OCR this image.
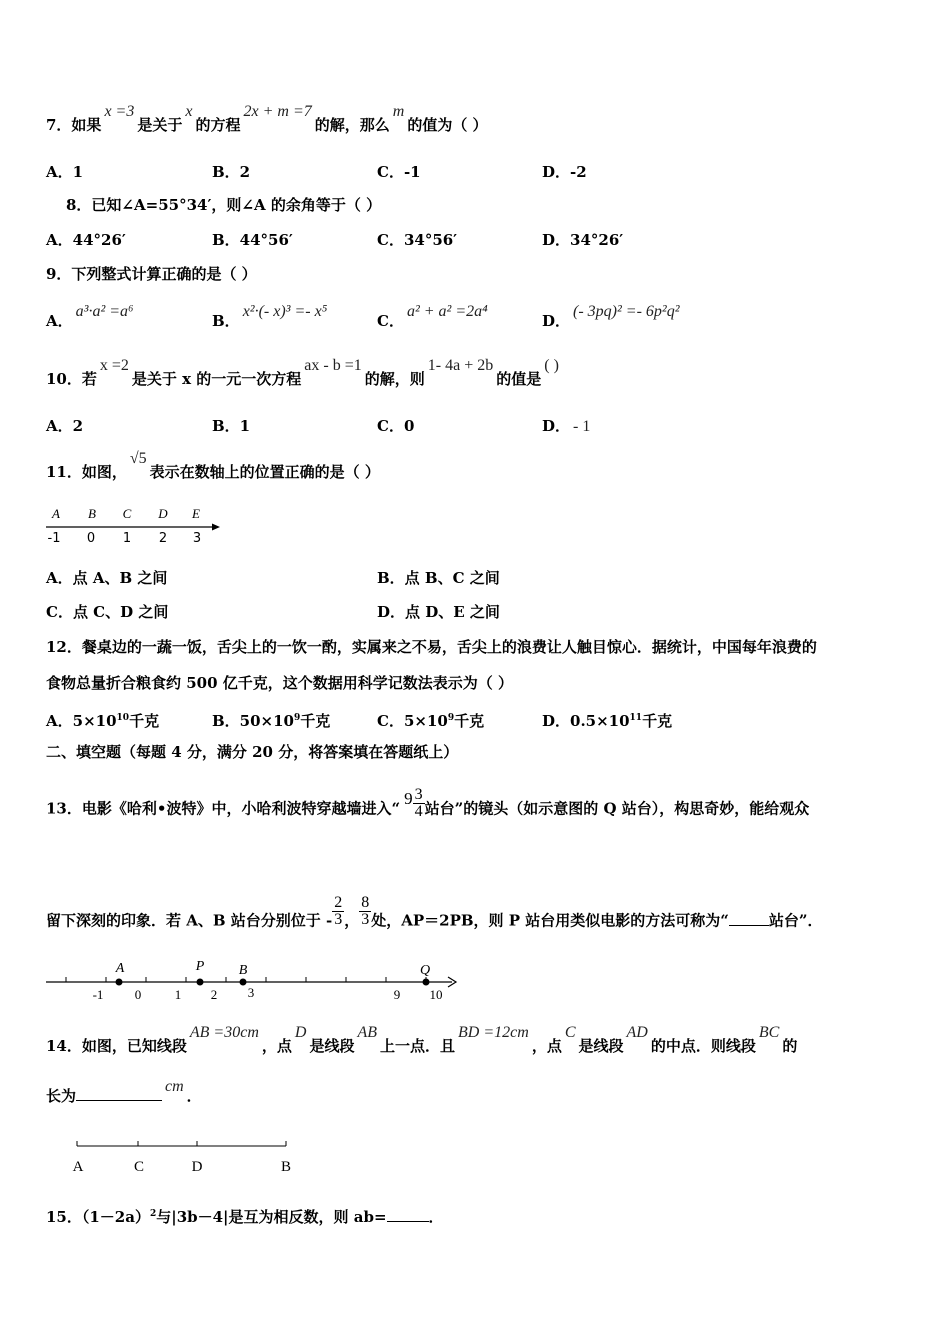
7．如果x =3是关于x的方程2x + m =7的解，那么m的值为（ ）
A．1	B．2	C．-1	D．-2
8．已知∠A=55°34′，则∠A 的余角等于（ ）
A．44°26′	B．44°56′	C．34°56′	D．34°26′
9．下列整式计算正确的是（ ）
A．a³·a² =a⁶
B．x²·(- x)³ =- x⁵
C．a² + a² =2a⁴
D．(- 3pq)² =- 6p²q²
10．若x =2是关于 x 的一元一次方程ax - b =1的解，则1- 4a + 2b的值是( )
A．2	B．1	C．0	D． - 1
11．如图，√5表示在数轴上的位置正确的是（ ）
A B C D E
-1 0 1 2 3
A．点 A、B 之间	B．点 B、C 之间
C．点 C、D 之间	D．点 D、E 之间
12．餐桌边的一蔬一饭，舌尖上的一饮一酌，实属来之不易，舌尖上的浪费让人触目惊心．据统计，中国每年浪费的
食物总量折合粮食约 500 亿千克，这个数据用科学记数法表示为（ ）
A．$5\times 10^{10}$千克	B．$50\times 10^9$千克	C．$5\times 10^9$千克	D．$0.5\times 10^{11}$千克
二、填空题（每题 4 分，满分 20 分，将答案填在答题纸上）
13．电影《哈利•波特》中，小哈利波特穿越墙进入“$9 \frac{3}{4}$ 站台”的镜头（如示意图的 Q 站台），构思奇妙，能给观众
留下深刻的印象．若 A、B 站台分别位于 - $\frac{2}{3}$ ， $\frac{8}{3}$ 处，AP＝2PB，则 P 站台用类似电影的方法可称为“	站台”．
A	P B	Q
-1 0	1 2 3	9 10
14．如图，已知线段AB =30cm，点D是线段AB上一点．且BD =12cm，点C是线段AD的中点．则线段BC的
长为cm．
A	C	D	B
15．$(1-2a)^2$与|3b－4|是互为相反数，则 ab=	．
